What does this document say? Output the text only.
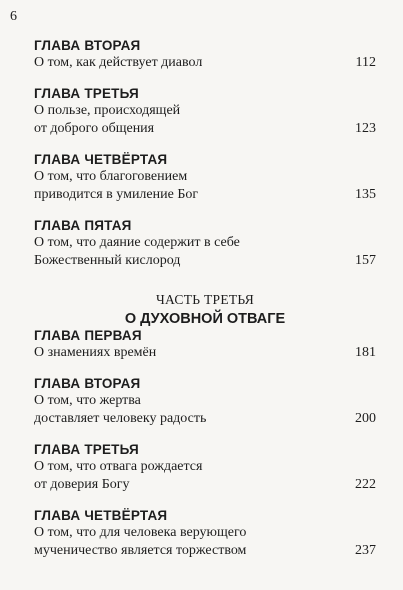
6
ГЛАВА ВТОРАЯ
О том, как действует диавол	112
ГЛАВА ТРЕТЬЯ
О пользе, происходящей
от доброго общения	123
ГЛАВА ЧЕТВЁРТАЯ
О том, что благоговением
приводится в умиление Бог	135
ГЛАВА ПЯТАЯ
О том, что даяние содержит в себе
Божественный кислород	157
ЧАСТЬ ТРЕТЬЯ
О ДУХОВНОЙ ОТВАГЕ
ГЛАВА ПЕРВАЯ
О знамениях времён	181
ГЛАВА ВТОРАЯ
О том, что жертва
доставляет человеку радость	200
ГЛАВА ТРЕТЬЯ
О том, что отвага рождается
от доверия Богу	222
ГЛАВА ЧЕТВЁРТАЯ
О том, что для человека верующего
мученичество является торжеством	237
